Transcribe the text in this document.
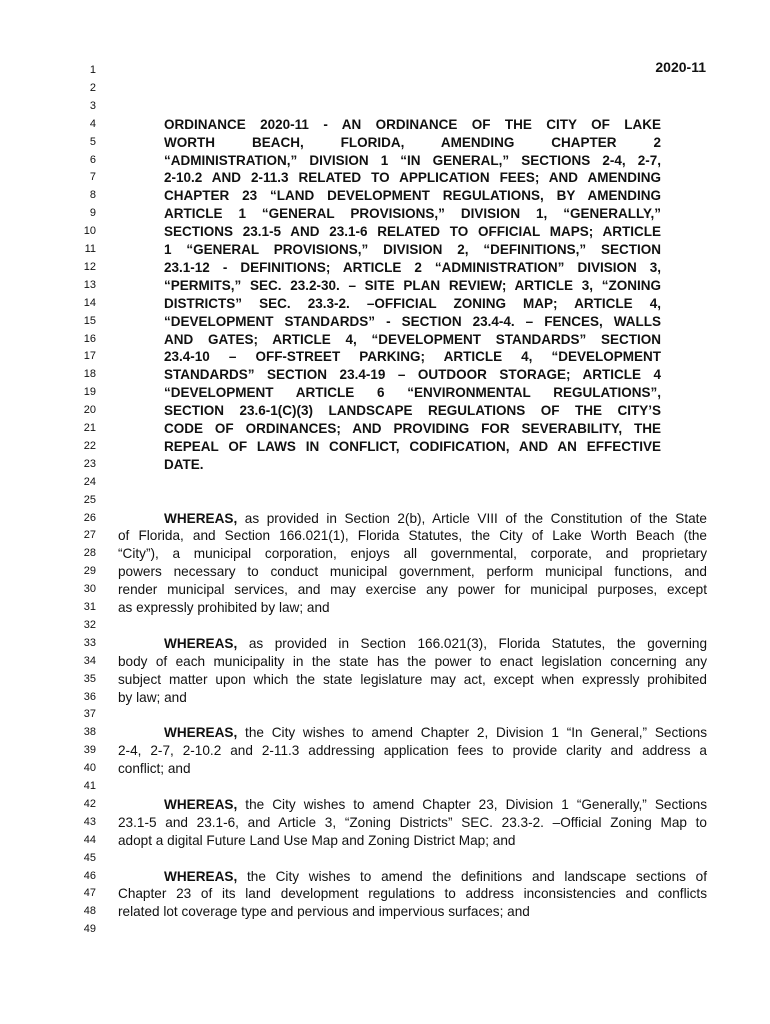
2020-11
1
2
3
4
5
6
7
8
9
10
11
12
13
14
15
16
17
18
19
20
21
22
23
24
25
26
27
28
29
30
31
32
33
34
35
36
37
38
39
40
41
42
43
44
45
46
47
48
49
ORDINANCE 2020-11 - AN ORDINANCE OF THE CITY OF LAKE
WORTH BEACH, FLORIDA, AMENDING CHAPTER 2
“ADMINISTRATION,” DIVISION 1 “IN GENERAL,” SECTIONS 2-4, 2-7,
2-10.2 AND 2-11.3 RELATED TO APPLICATION FEES; AND AMENDING
CHAPTER 23 “LAND DEVELOPMENT REGULATIONS, BY AMENDING
ARTICLE 1 “GENERAL PROVISIONS,” DIVISION 1, “GENERALLY,”
SECTIONS 23.1-5 AND 23.1-6 RELATED TO OFFICIAL MAPS; ARTICLE
1 “GENERAL PROVISIONS,” DIVISION 2, “DEFINITIONS,” SECTION
23.1-12 - DEFINITIONS; ARTICLE 2 “ADMINISTRATION” DIVISION 3,
“PERMITS,” SEC. 23.2-30. – SITE PLAN REVIEW; ARTICLE 3, “ZONING
DISTRICTS” SEC. 23.3-2. –OFFICIAL ZONING MAP; ARTICLE 4,
“DEVELOPMENT STANDARDS” - SECTION 23.4-4. – FENCES, WALLS
AND GATES; ARTICLE 4, “DEVELOPMENT STANDARDS” SECTION
23.4-10 – OFF-STREET PARKING; ARTICLE 4, “DEVELOPMENT
STANDARDS” SECTION 23.4-19 – OUTDOOR STORAGE; ARTICLE 4
“DEVELOPMENT ARTICLE 6 “ENVIRONMENTAL REGULATIONS”,
SECTION 23.6-1(C)(3) LANDSCAPE REGULATIONS OF THE CITY’S
CODE OF ORDINANCES; AND PROVIDING FOR SEVERABILITY, THE
REPEAL OF LAWS IN CONFLICT, CODIFICATION, AND AN EFFECTIVE
DATE.
WHEREAS, as provided in Section 2(b), Article VIII of the Constitution of the State
of Florida, and Section 166.021(1), Florida Statutes, the City of Lake Worth Beach (the
“City”), a municipal corporation, enjoys all governmental, corporate, and proprietary
powers necessary to conduct municipal government, perform municipal functions, and
render municipal services, and may exercise any power for municipal purposes, except
as expressly prohibited by law; and
WHEREAS, as provided in Section 166.021(3), Florida Statutes, the governing
body of each municipality in the state has the power to enact legislation concerning any
subject matter upon which the state legislature may act, except when expressly prohibited
by law; and
WHEREAS, the City wishes to amend Chapter 2, Division 1 “In General,” Sections
2-4, 2-7, 2-10.2 and 2-11.3 addressing application fees to provide clarity and address a
conflict; and
WHEREAS, the City wishes to amend Chapter 23, Division 1 “Generally,” Sections
23.1-5 and 23.1-6, and Article 3, “Zoning Districts” SEC. 23.3-2. –Official Zoning Map to
adopt a digital Future Land Use Map and Zoning District Map; and
WHEREAS, the City wishes to amend the definitions and landscape sections of
Chapter 23 of its land development regulations to address inconsistencies and conflicts
related lot coverage type and pervious and impervious surfaces; and
